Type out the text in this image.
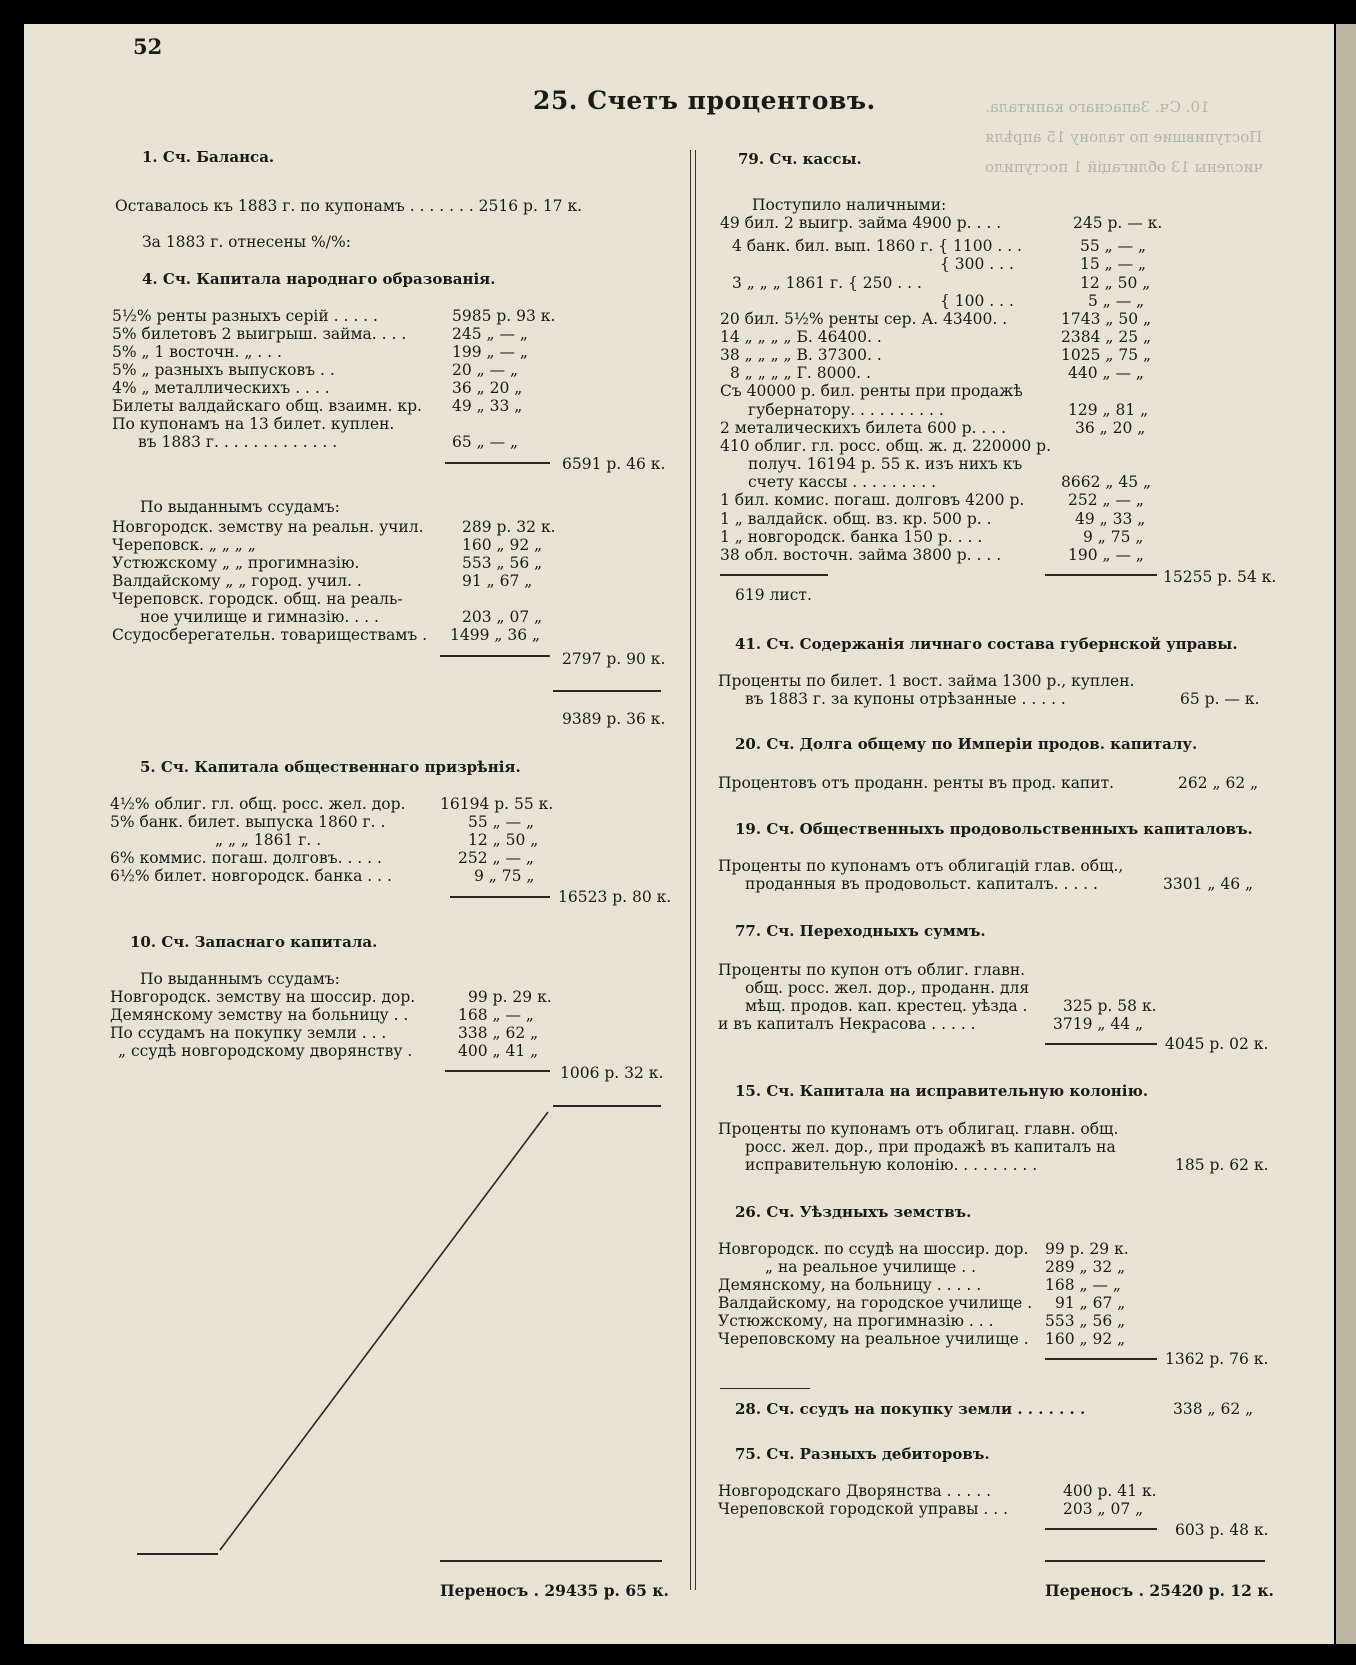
10. Сч. Запаснаго капитала.
Поступившие по талону 15 апрѣля
числены 13 облигацій 1 поступило
52
25. Счетъ процентовъ.
1. Сч. Баланса.
Оставалось къ 1883 г. по купонамъ . . . . . . . 2516 р. 17 к.
За 1883 г. отнесены %/%:
4. Сч. Капитала народнаго образованія.
5½% ренты разныхъ серій . . . . .	5985 р. 93 к.
5% билетовъ 2 выигрыш. займа. . . .	245 „ — „
5% „ 1 восточн. „ . . .	199 „ — „
5% „ разныхъ выпусковъ . .	20 „ — „
4% „ металлическихъ . . . .	36 „ 20 „
Билеты валдайскаго общ. взаимн. кр. 49 „ 33 „
По купонамъ на 13 билет. куплен.
въ 1883 г. . . . . . . . . . . . .	65 „ — „
6591 р. 46 к.
По выданнымъ ссудамъ:
Новгородск. земству на реальн. учил. 289 р. 32 к.
Череповск. „ „ „ „	160 „ 92 „
Устюжскому „ „ прогимназію.	553 „ 56 „
Валдайскому „ „ город. учил. .	91 „ 67 „
Череповск. городск. общ. на реаль-
ное училище и гимназію. . . .	203 „ 07 „
Ссудосберегательн. товариществамъ . 1499 „ 36 „
2797 р. 90 к.
9389 р. 36 к.
5. Сч. Капитала общественнаго призрѣнія.
4½% облиг. гл. общ. росс. жел. дор. 16194 р. 55 к.
5% банк. билет. выпуска 1860 г. .	55 „ — „
„ „ „ 1861 г. .	12 „ 50 „
6% коммис. погаш. долговъ. . . . .	252 „ — „
6½% билет. новгородск. банка . . .	9 „ 75 „
16523 р. 80 к.
10. Сч. Запаснаго капитала.
По выданнымъ ссудамъ:
Новгородск. земству на шоссир. дор.	99 р. 29 к.
Демянскому земству на больницу . .	168 „ — „
По ссудамъ на покупку земли . . .	338 „ 62 „
„ ссудѣ новгородскому дворянству .	400 „ 41 „
1006 р. 32 к.
Переносъ . 29435 р. 65 к.
79. Сч. кассы.
Поступило наличными:
49 бил. 2 выигр. займа 4900 р. . . .	245 р. — к.
4 банк. бил. вып. 1860 г. { 1100 . . .	55 „ — „
{ 300 . . .	15 „ — „
3 „ „ „ 1861 г. { 250 . . .	12 „ 50 „
{ 100 . . .	5 „ — „
20 бил. 5½% ренты сер. А. 43400. .	1743 „ 50 „
14 „ „ „ „ Б. 46400. .	2384 „ 25 „
38 „ „ „ „ В. 37300. .	1025 „ 75 „
8 „ „ „ „ Г. 8000. .	440 „ — „
Съ 40000 р. бил. ренты при продажѣ
губернатору. . . . . . . . . .	129 „ 81 „
2 металическихъ билета 600 р. . . .	36 „ 20 „
410 облиг. гл. росс. общ. ж. д. 220000 р.
получ. 16194 р. 55 к. изъ нихъ къ
счету кассы . . . . . . . . .	8662 „ 45 „
1 бил. комис. погаш. долговъ 4200 р.	252 „ — „
1 „ валдайск. общ. вз. кр. 500 р. .	49 „ 33 „
1 „ новгородск. банка 150 р. . . .	9 „ 75 „
38 обл. восточн. займа 3800 р. . . .	190 „ — „
15255 р. 54 к.
619 лист.
41. Сч. Содержанія личнаго состава губернской управы.
Проценты по билет. 1 вост. займа 1300 р., куплен.
въ 1883 г. за купоны отрѣзанные . . . . .	65 р. — к.
20. Сч. Долга общему по Имперіи продов. капиталу.
Процентовъ отъ проданн. ренты въ прод. капит.	262 „ 62 „
19. Сч. Общественныхъ продовольственныхъ капиталовъ.
Проценты по купонамъ отъ облигацій глав. общ.,
проданныя въ продовольст. капиталъ. . . . .	3301 „ 46 „
77. Сч. Переходныхъ суммъ.
Проценты по купон отъ облиг. главн.
общ. росс. жел. дор., проданн. для
мѣщ. продов. кап. крестец. уѣзда . 325 р. 58 к.
и въ капиталъ Некрасова . . . . .	3719 „ 44 „
4045 р. 02 к.
15. Сч. Капитала на исправительную колонію.
Проценты по купонамъ отъ облигац. главн. общ.
росс. жел. дор., при продажѣ въ капиталъ на
исправительную колонію. . . . . . . . .	185 р. 62 к.
26. Сч. Уѣздныхъ земствъ.
Новгородск. по ссудѣ на шоссир. дор. 99 р. 29 к.
„ на реальное училище . .	289 „ 32 „
Демянскому, на больницу . . . . .	168 „ — „
Валдайскому, на городское училище . 91 „ 67 „
Устюжскому, на прогимназію . . .	553 „ 56 „
Череповскому на реальное училище . 160 „ 92 „
1362 р. 76 к.
28. Сч. ссудъ на покупку земли . . . . . . .	338 „ 62 „
75. Сч. Разныхъ дебиторовъ.
Новгородскаго Дворянства . . . . .	400 р. 41 к.
Череповской городской управы . . .	203 „ 07 „
603 р. 48 к.
Переносъ . 25420 р. 12 к.
